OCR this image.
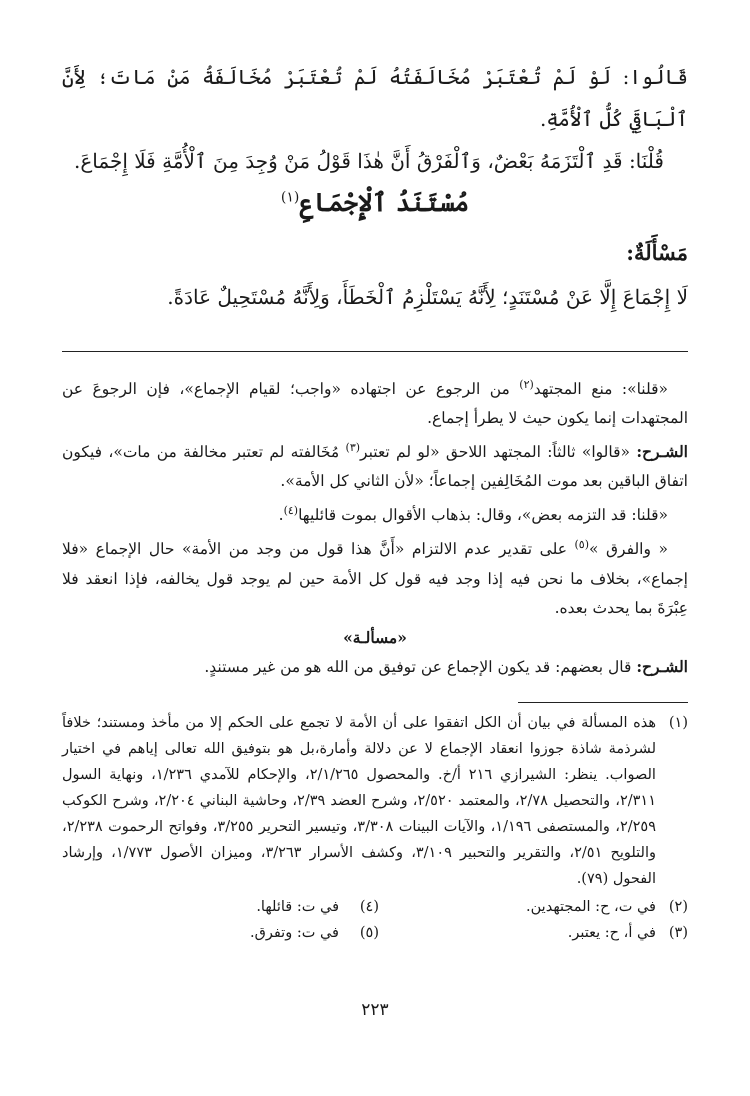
قَالُوا: لَوْ لَمْ تُعْتَبَرْ مُخَالَفَتُهُ لَمْ تُعْتَبَرْ مُخَالَفَةُ مَنْ مَاتَ؛ لِأَنَّ ٱلْبَاقِيَ كُلُّ ٱلْأُمَّةِ.

قُلْنَا: قَدِ ٱلْتَزَمَهُ بَعْضٌ، وَٱلْفَرْقُ أَنَّ هٰذَا قَوْلُ مَنْ وُجِدَ مِنَ ٱلْأُمَّةِ فَلَا إِجْمَاعَ.

مُسْتَنَدُ ٱلْإِجْمَاعِ$^{(١)}$
مَسْأَلَةٌ:

لَا إِجْمَاعَ إِلَّا عَنْ مُسْتَنَدٍ؛ لِأَنَّهُ يَسْتَلْزِمُ ٱلْخَطَأَ، وَلِأَنَّهُ مُسْتَحِيلٌ عَادَةً.

«قلنا»: منع المجتهد$^{(٢)}$ من الرجوع عن اجتهاده «واجب؛ لقيام الإجماع»، فإن الرجوعَ عن المجتهدات إنما يكون حيث لا يطرأ إجماع.

الشـرح: «قالوا» ثالثاً: المجتهد اللاحق «لو لم تعتبر$^{(٣)}$ مُخَالفته لم تعتبر مخالفة من مات»، فيكون اتفاق الباقين بعد موت المُخَالِفين إجماعاً؛ «لأن الثاني كل الأمة».

«قلنا: قد التزمه بعض»، وقال: بذهاب الأقوال بموت قائليها$^{(٤)}$.

« والفرق »$^{(٥)}$ على تقدير عدم الالتزام «أَنَّ هذا قول من وجد من الأمة» حال الإجماع «فلا إجماع»، بخلاف ما نحن فيه إذا وجد فيه قول كل الأمة حين لم يوجد قول يخالفه، فإذا انعقد فلا عِبْرَةَ بما يحدث بعده.

«مسألـة»

الشـرح: قال بعضهم: قد يكون الإجماع عن توفيق من الله هو من غير مستندٍ.

(١)
هذه المسألة في بيان أن الكل اتفقوا على أن الأمة لا تجمع على الحكم إلا من مأخذ ومستند؛ خلافاً لشرذمة شاذة جوزوا انعقاد الإجماع لا عن دلالة وأمارة،بل هو بتوفيق الله تعالى إياهم في اختيار الصواب. ينظر: الشيرازي ٢١٦ أ/خ. والمحصول ٢/١/٢٦٥، والإحكام للآمدي ١/٢٣٦، ونهاية السول ٢/٣١١، والتحصيل ٢/٧٨، والمعتمد ٢/٥٢٠، وشرح العضد ٢/٣٩، وحاشية البناني ٢/٢٠٤، وشرح الكوكب ٢/٢٥٩، والمستصفى ١/١٩٦، والآيات البينات ٣/٣٠٨، وتيسير التحرير ٣/٢٥٥، وفواتح الرحموت ٢/٢٣٨، والتلويح ٢/٥١، والتقرير والتحبير ٣/١٠٩، وكشف الأسرار ٣/٢٦٣، وميزان الأصول ١/٧٧٣، وإرشاد الفحول (٧٩).
(٢)
في ت، ح: المجتهدين.
(٤)
في ت: قائلها.
(٣)
في أ، ح: يعتبر.
(٥)
في ت: وتفرق.
٢٢٣
